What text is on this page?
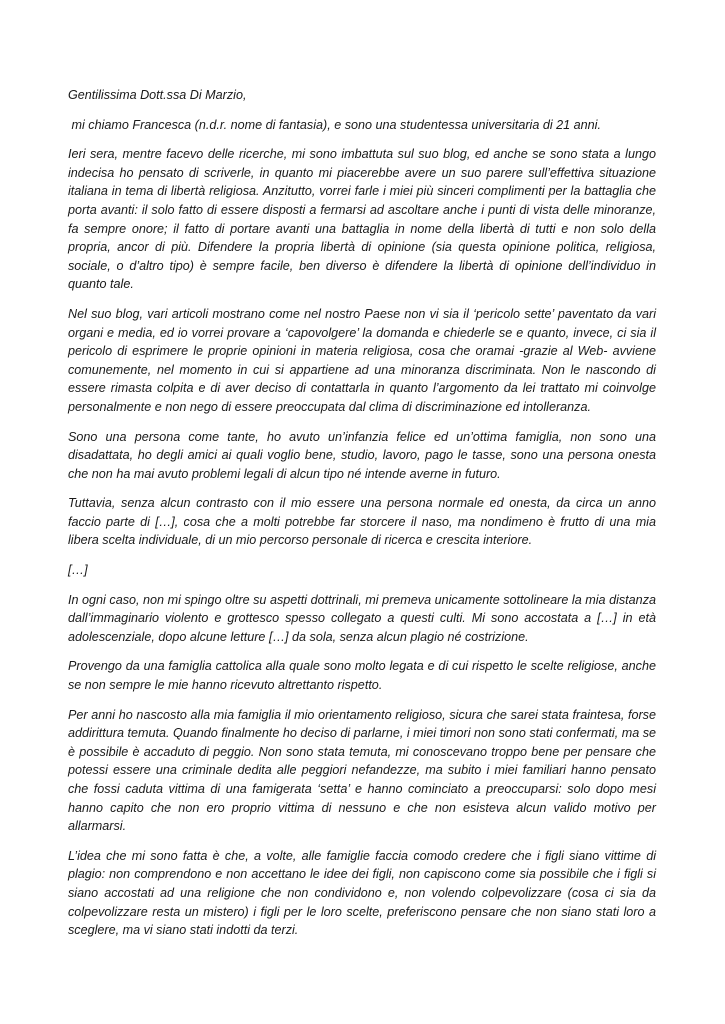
Gentilissima Dott.ssa Di Marzio,

mi chiamo Francesca (n.d.r. nome di fantasia), e sono una studentessa universitaria di 21 anni.

Ieri sera, mentre facevo delle ricerche, mi sono imbattuta sul suo blog, ed anche se sono stata a lungo indecisa ho pensato di scriverle, in quanto mi piacerebbe avere un suo parere sull’effettiva situazione italiana in tema di libertà religiosa. Anzitutto, vorrei farle i miei più sinceri complimenti per la battaglia che porta avanti: il solo fatto di essere disposti a fermarsi ad ascoltare anche i punti di vista delle minoranze, fa sempre onore; il fatto di portare avanti una battaglia in nome della libertà di tutti e non solo della propria, ancor di più. Difendere la propria libertà di opinione (sia questa opinione politica, religiosa, sociale, o d’altro tipo) è sempre facile, ben diverso è difendere la libertà di opinione dell’individuo in quanto tale.

Nel suo blog, vari articoli mostrano come nel nostro Paese non vi sia il ‘pericolo sette’ paventato da vari organi e media, ed io vorrei provare a ‘capovolgere’ la domanda e chiederle se e quanto, invece, ci sia il pericolo di esprimere le proprie opinioni in materia religiosa, cosa che oramai -grazie al Web- avviene comunemente, nel momento in cui si appartiene ad una minoranza discriminata. Non le nascondo di essere rimasta colpita e di aver deciso di contattarla in quanto l’argomento da lei trattato mi coinvolge personalmente e non nego di essere preoccupata dal clima di discriminazione ed intolleranza.

Sono una persona come tante, ho avuto un’infanzia felice ed un’ottima famiglia, non sono una disadattata, ho degli amici ai quali voglio bene, studio, lavoro, pago le tasse, sono una persona onesta che non ha mai avuto problemi legali di alcun tipo né intende averne in futuro.

Tuttavia, senza alcun contrasto con il mio essere una persona normale ed onesta, da circa un anno faccio parte di […], cosa che a molti potrebbe far storcere il naso, ma nondimeno è frutto di una mia libera scelta individuale, di un mio percorso personale di ricerca e crescita interiore.

[…]

In ogni caso, non mi spingo oltre su aspetti dottrinali, mi premeva unicamente sottolineare la mia distanza dall’immaginario violento e grottesco spesso collegato a questi culti. Mi sono accostata a […] in età adolescenziale, dopo alcune letture […] da sola, senza alcun plagio né costrizione.

Provengo da una famiglia cattolica alla quale sono molto legata e di cui rispetto le scelte religiose, anche se non sempre le mie hanno ricevuto altrettanto rispetto.

Per anni ho nascosto alla mia famiglia il mio orientamento religioso, sicura che sarei stata fraintesa, forse addirittura temuta. Quando finalmente ho deciso di parlarne, i miei timori non sono stati confermati, ma se è possibile è accaduto di peggio. Non sono stata temuta, mi conoscevano troppo bene per pensare che potessi essere una criminale dedita alle peggiori nefandezze, ma subito i miei familiari hanno pensato che fossi caduta vittima di una famigerata ‘setta’ e hanno cominciato a preoccuparsi: solo dopo mesi hanno capito che non ero proprio vittima di nessuno e che non esisteva alcun valido motivo per allarmarsi.

L’idea che mi sono fatta è che, a volte, alle famiglie faccia comodo credere che i figli siano vittime di plagio: non comprendono e non accettano le idee dei figli, non capiscono come sia possibile che i figli si siano accostati ad una religione che non condividono e, non volendo colpevolizzare (cosa ci sia da colpevolizzare resta un mistero) i figli per le loro scelte, preferiscono pensare che non siano stati loro a sceglere, ma vi siano stati indotti da terzi.
